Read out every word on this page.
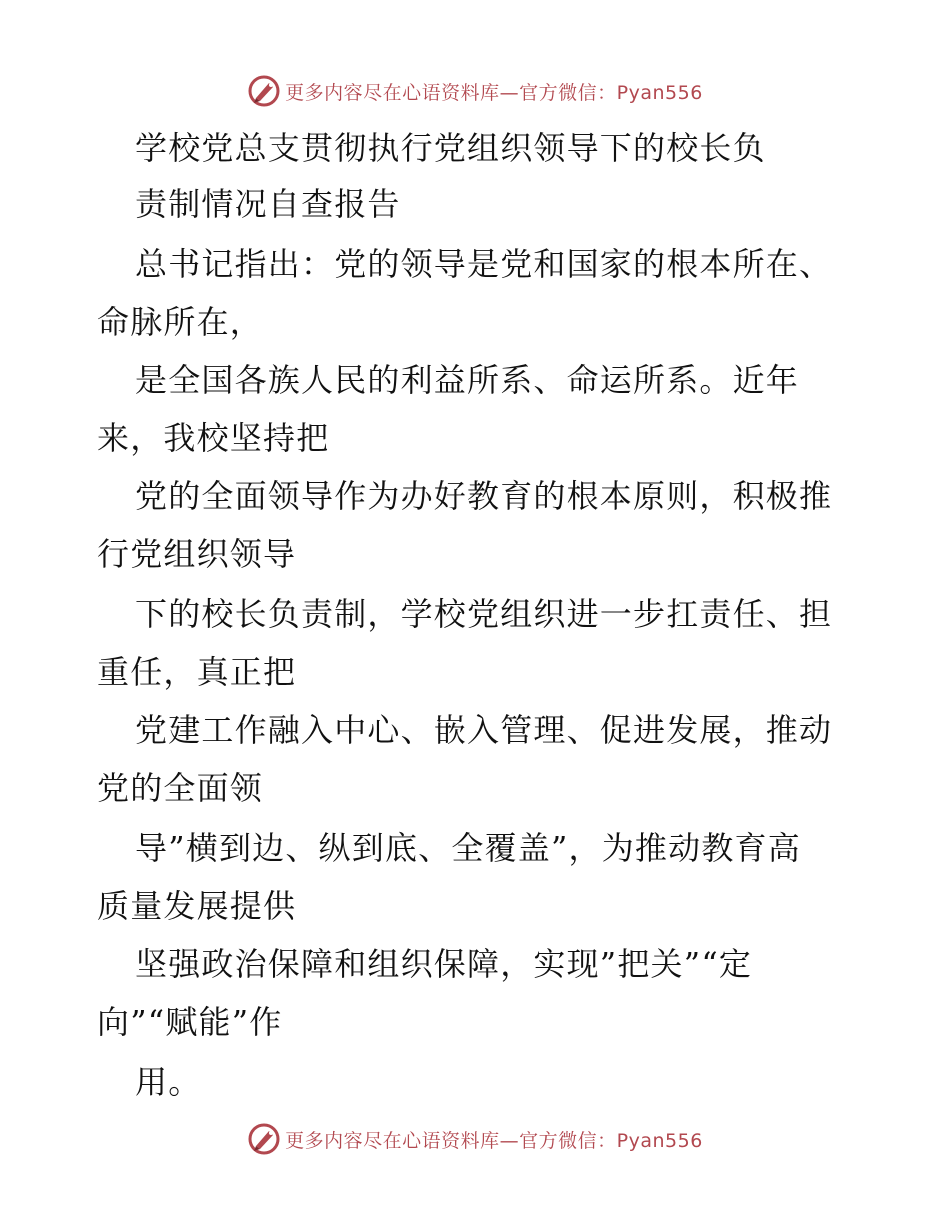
更多内容尽在心语资料库—官方微信：Pyan556
学校党总支贯彻执行党组织领导下的校长负
责制情况自查报告
总书记指出：党的领导是党和国家的根本所在、
命脉所在，
是全国各族人民的利益所系、命运所系。近年
来，我校坚持把
党的全面领导作为办好教育的根本原则，积极推
行党组织领导
下的校长负责制，学校党组织进一步扛责任、担
重任，真正把
党建工作融入中心、嵌入管理、促进发展，推动
党的全面领
导”横到边、纵到底、全覆盖”，为推动教育高
质量发展提供
坚强政治保障和组织保障，实现”把关”“定
向”“赋能”作
用。
更多内容尽在心语资料库—官方微信：Pyan556
